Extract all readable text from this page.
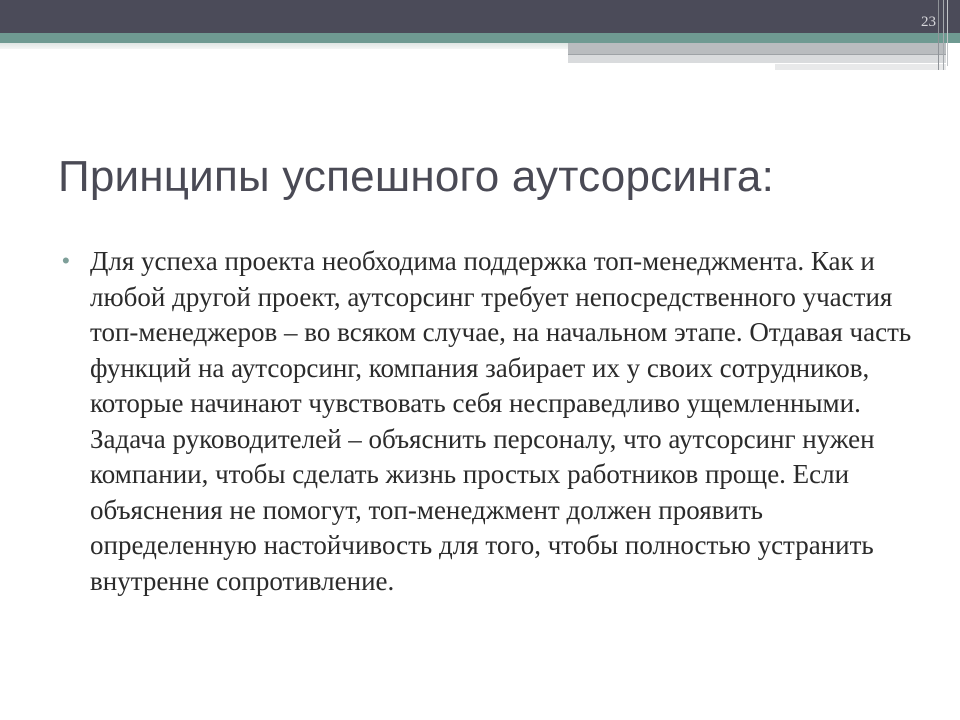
23
Принципы успешного аутсорсинга:
• Для успеха проекта необходима поддержка топ-менеджмента. Как и любой другой проект, аутсорсинг требует непосредственного участия топ-менеджеров – во всяком случае, на начальном этапе. Отдавая часть функций на аутсорсинг, компания забирает их у своих сотрудников, которые начинают чувствовать себя несправедливо ущемленными. Задача руководителей – объяснить персоналу, что аутсорсинг нужен компании, чтобы сделать жизнь простых работников проще. Если объяснения не помогут, топ-менеджмент должен проявить определенную настойчивость для того, чтобы полностью устранить внутренне сопротивление.
